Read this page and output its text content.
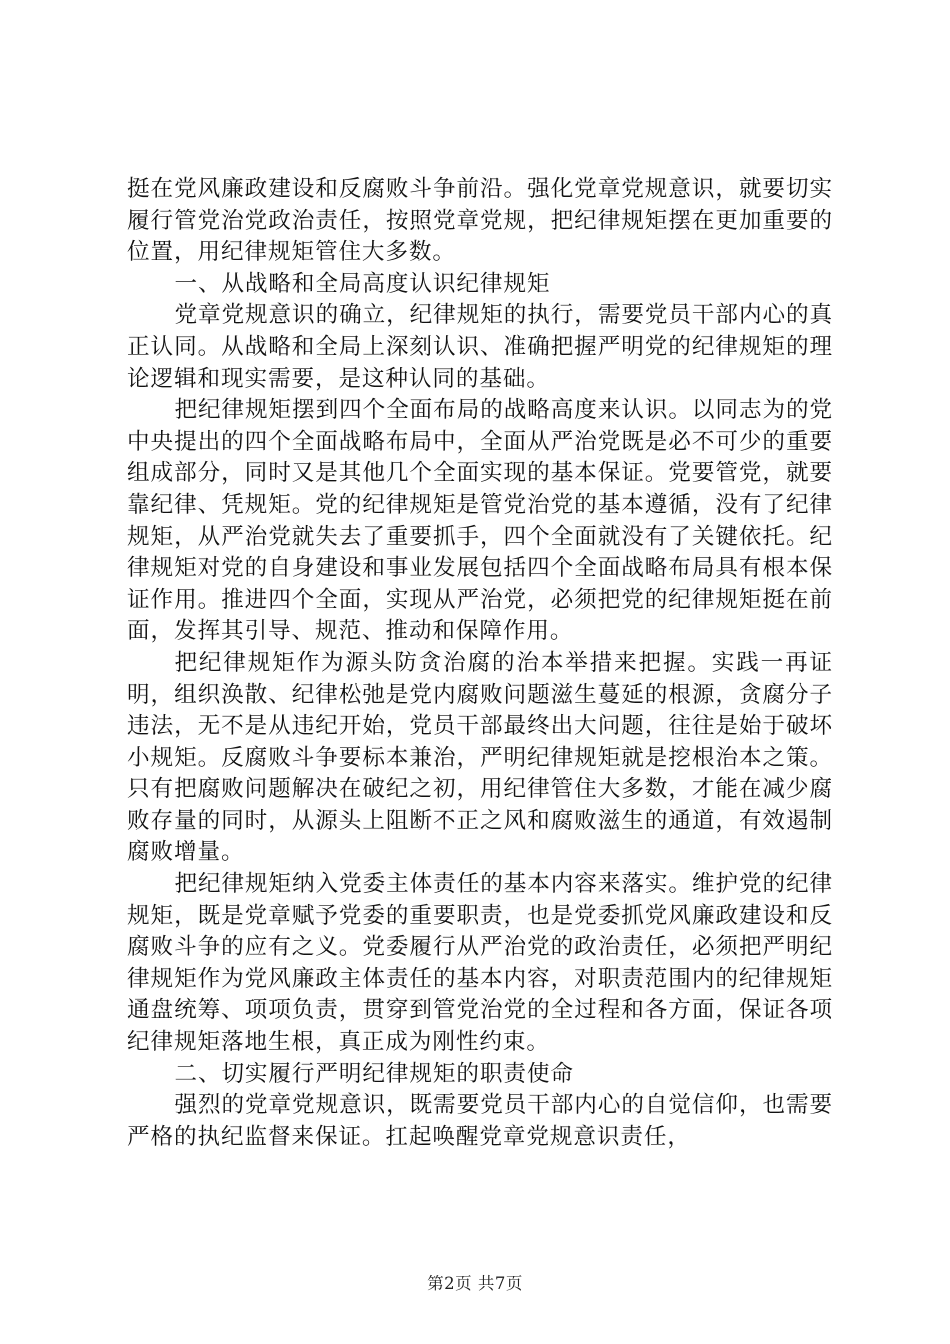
挺在党风廉政建设和反腐败斗争前沿。强化党章党规意识，就要切实履行管党治党政治责任，按照党章党规，把纪律规矩摆在更加重要的位置，用纪律规矩管住大多数。

一、从战略和全局高度认识纪律规矩

党章党规意识的确立，纪律规矩的执行，需要党员干部内心的真正认同。从战略和全局上深刻认识、准确把握严明党的纪律规矩的理论逻辑和现实需要，是这种认同的基础。

把纪律规矩摆到四个全面布局的战略高度来认识。以同志为的党中央提出的四个全面战略布局中，全面从严治党既是必不可少的重要组成部分，同时又是其他几个全面实现的基本保证。党要管党，就要靠纪律、凭规矩。党的纪律规矩是管党治党的基本遵循，没有了纪律规矩，从严治党就失去了重要抓手，四个全面就没有了关键依托。纪律规矩对党的自身建设和事业发展包括四个全面战略布局具有根本保证作用。推进四个全面，实现从严治党，必须把党的纪律规矩挺在前面，发挥其引导、规范、推动和保障作用。

把纪律规矩作为源头防贪治腐的治本举措来把握。实践一再证明，组织涣散、纪律松弛是党内腐败问题滋生蔓延的根源，贪腐分子违法，无不是从违纪开始，党员干部最终出大问题，往往是始于破坏小规矩。反腐败斗争要标本兼治，严明纪律规矩就是挖根治本之策。只有把腐败问题解决在破纪之初，用纪律管住大多数，才能在减少腐败存量的同时，从源头上阻断不正之风和腐败滋生的通道，有效遏制腐败增量。

把纪律规矩纳入党委主体责任的基本内容来落实。维护党的纪律规矩，既是党章赋予党委的重要职责，也是党委抓党风廉政建设和反腐败斗争的应有之义。党委履行从严治党的政治责任，必须把严明纪律规矩作为党风廉政主体责任的基本内容，对职责范围内的纪律规矩通盘统筹、项项负责，贯穿到管党治党的全过程和各方面，保证各项纪律规矩落地生根，真正成为刚性约束。

二、切实履行严明纪律规矩的职责使命

强烈的党章党规意识，既需要党员干部内心的自觉信仰，也需要严格的执纪监督来保证。扛起唤醒党章党规意识责任，

第2页 共7页
